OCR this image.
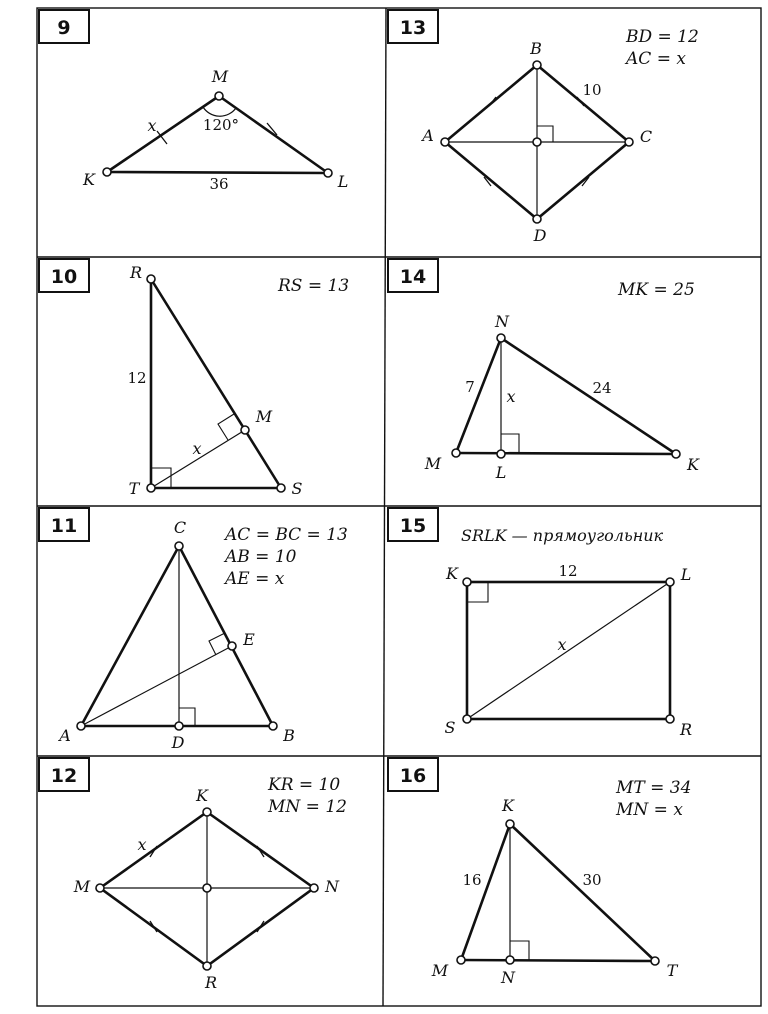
9
M
K	L
x
36
120°
13	BD = 12
AC = x
B
C
D
A
10
10	RS = 13
R
T	S
M
12
x
14
MK = 25
N
M	L	K
7	24
x
11	AC = BC = 13
AB = 10
AE = x
C
A	B
D
E
15 SRLK — прямоугольник
K	L
S	R
12
x
12	KR = 10
MN = 12
K
M	N
R
x
16
MT = 34
MN = x
K
M	N	T
16	30
